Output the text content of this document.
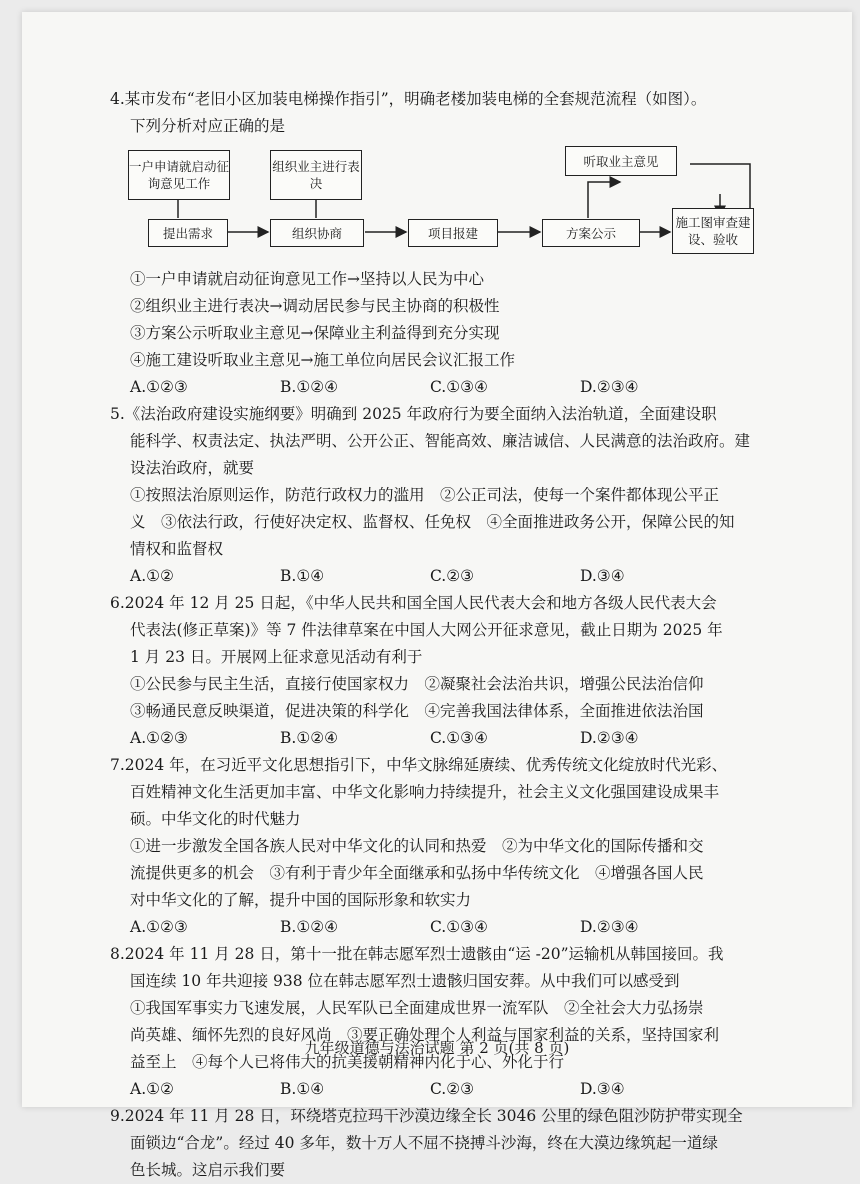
4.某市发布“老旧小区加装电梯操作指引”，明确老楼加装电梯的全套规范流程（如图）。

下列分析对应正确的是

一户申请就启动征询意见工作
组织业主进行表决
听取业主意见
提出需求	组织协商	项目报建	方案公示
施工图审查建设、验收

①一户申请就启动征询意见工作→坚持以人民为中心

②组织业主进行表决→调动居民参与民主协商的积极性

③方案公示听取业主意见→保障业主利益得到充分实现

④施工建设听取业主意见→施工单位向居民会议汇报工作

A.①②③	B.①②④	C.①③④	D.②③④

5.《法治政府建设实施纲要》明确到 2025 年政府行为要全面纳入法治轨道，全面建设职

能科学、权责法定、执法严明、公开公正、智能高效、廉洁诚信、人民满意的法治政府。建

设法治政府，就要

①按照法治原则运作，防范行政权力的滥用　②公正司法，使每一个案件都体现公平正

义　③依法行政，行使好决定权、监督权、任免权　④全面推进政务公开，保障公民的知

情权和监督权

A.①②	B.①④	C.②③	D.③④

6.2024 年 12 月 25 日起，《中华人民共和国全国人民代表大会和地方各级人民代表大会

代表法(修正草案)》等 7 件法律草案在中国人大网公开征求意见，截止日期为 2025 年

1 月 23 日。开展网上征求意见活动有利于

①公民参与民主生活，直接行使国家权力　②凝聚社会法治共识，增强公民法治信仰

③畅通民意反映渠道，促进决策的科学化　④完善我国法律体系，全面推进依法治国

A.①②③	B.①②④	C.①③④	D.②③④

7.2024 年，在习近平文化思想指引下，中华文脉绵延赓续、优秀传统文化绽放时代光彩、

百姓精神文化生活更加丰富、中华文化影响力持续提升，社会主义文化强国建设成果丰

硕。中华文化的时代魅力

①进一步激发全国各族人民对中华文化的认同和热爱　②为中华文化的国际传播和交

流提供更多的机会　③有利于青少年全面继承和弘扬中华传统文化　④增强各国人民

对中华文化的了解，提升中国的国际形象和软实力

A.①②③	B.①②④	C.①③④	D.②③④

8.2024 年 11 月 28 日，第十一批在韩志愿军烈士遗骸由“运 -20”运输机从韩国接回。我

国连续 10 年共迎接 938 位在韩志愿军烈士遗骸归国安葬。从中我们可以感受到

①我国军事实力飞速发展，人民军队已全面建成世界一流军队　②全社会大力弘扬崇

尚英雄、缅怀先烈的良好风尚　③要正确处理个人利益与国家利益的关系，坚持国家利

益至上　④每个人已将伟大的抗美援朝精神内化于心、外化于行

A.①②	B.①④	C.②③	D.③④

9.2024 年 11 月 28 日，环绕塔克拉玛干沙漠边缘全长 3046 公里的绿色阻沙防护带实现全

面锁边“合龙”。经过 40 多年，数十万人不屈不挠搏斗沙海，终在大漠边缘筑起一道绿

色长城。这启示我们要

九年级道德与法治试题 第 2 页(共 8 页)
